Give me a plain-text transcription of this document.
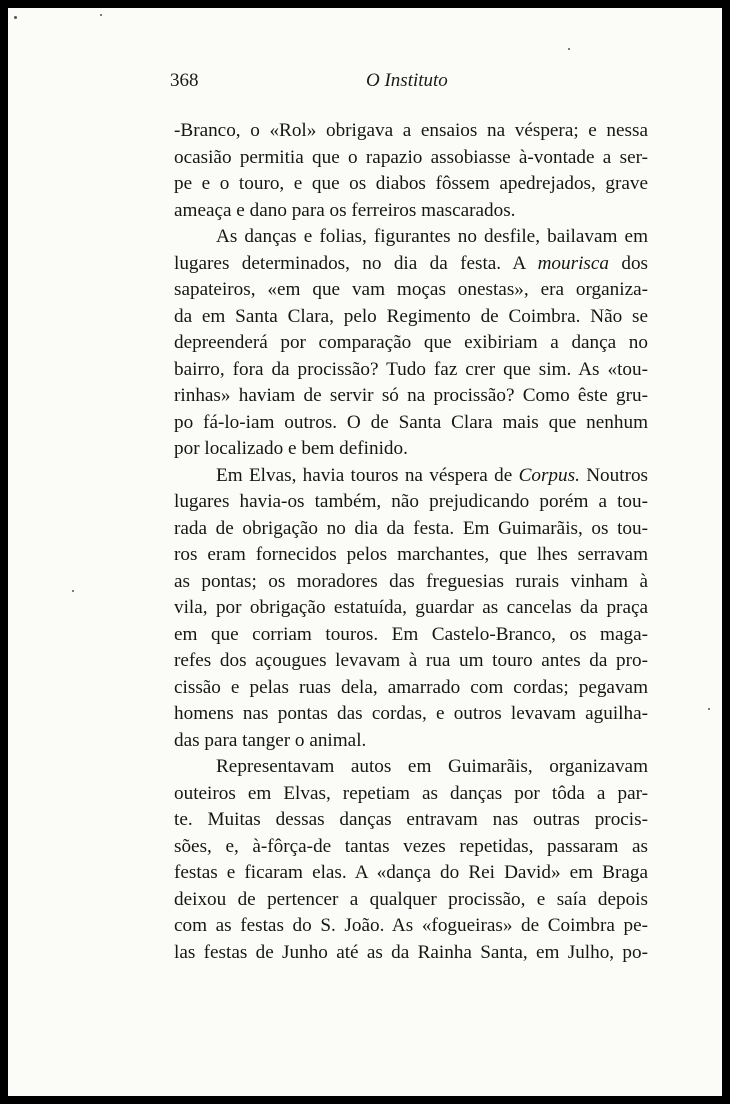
368	O Instituto
-Branco, o «Rol» obrigava a ensaios na véspera; e nessa
ocasião permitia que o rapazio assobiasse à-vontade a ser-
pe e o touro, e que os diabos fôssem apedrejados, grave
ameaça e dano para os ferreiros mascarados.
As danças e folias, figurantes no desfile, bailavam em
lugares determinados, no dia da festa. A mourisca dos
sapateiros, «em que vam moças onestas», era organiza-
da em Santa Clara, pelo Regimento de Coimbra. Não se
depreenderá por comparação que exibiriam a dança no
bairro, fora da procissão? Tudo faz crer que sim. As «tou-
rinhas» haviam de servir só na procissão? Como êste gru-
po fá-lo-iam outros. O de Santa Clara mais que nenhum
por localizado e bem definido.
Em Elvas, havia touros na véspera de Corpus. Noutros
lugares havia-os também, não prejudicando porém a tou-
rada de obrigação no dia da festa. Em Guimarãis, os tou-
ros eram fornecidos pelos marchantes, que lhes serravam
as pontas; os moradores das freguesias rurais vinham à
vila, por obrigação estatuída, guardar as cancelas da praça
em que corriam touros. Em Castelo-Branco, os maga-
refes dos açougues levavam à rua um touro antes da pro-
cissão e pelas ruas dela, amarrado com cordas; pegavam
homens nas pontas das cordas, e outros levavam aguilha-
das para tanger o animal.
Representavam autos em Guimarãis, organizavam
outeiros em Elvas, repetiam as danças por tôda a par-
te. Muitas dessas danças entravam nas outras procis-
sões, e, à-fôrça-de tantas vezes repetidas, passaram as
festas e ficaram elas. A «dança do Rei David» em Braga
deixou de pertencer a qualquer procissão, e saía depois
com as festas do S. João. As «fogueiras» de Coimbra pe-
las festas de Junho até as da Rainha Santa, em Julho, po-
